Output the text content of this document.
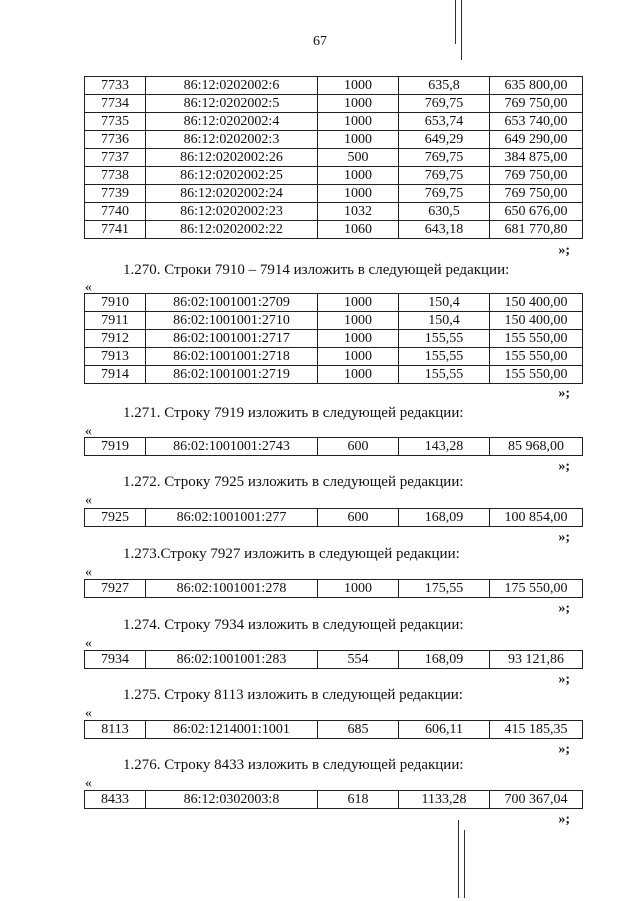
67
7733	86:12:0202002:6	1000	635,8	635 800,00
7734	86:12:0202002:5	1000	769,75	769 750,00
7735	86:12:0202002:4	1000	653,74	653 740,00
7736	86:12:0202002:3	1000	649,29	649 290,00
7737	86:12:0202002:26	500	769,75	384 875,00
7738	86:12:0202002:25	1000	769,75	769 750,00
7739	86:12:0202002:24	1000	769,75	769 750,00
7740	86:12:0202002:23	1032	630,5	650 676,00
7741	86:12:0202002:22	1060	643,18	681 770,80
»;
1.270. Строки 7910 – 7914 изложить в следующей редакции:
«
7910	86:02:1001001:2709	1000	150,4	150 400,00
7911	86:02:1001001:2710	1000	150,4	150 400,00
7912	86:02:1001001:2717	1000	155,55	155 550,00
7913	86:02:1001001:2718	1000	155,55	155 550,00
7914	86:02:1001001:2719	1000	155,55	155 550,00
»;
1.271. Строку 7919 изложить в следующей редакции:
«
7919	86:02:1001001:2743	600	143,28	85 968,00
»;
1.272. Строку 7925 изложить в следующей редакции:
«
7925	86:02:1001001:277	600	168,09	100 854,00
»;
1.273.Строку 7927 изложить в следующей редакции:
«
7927	86:02:1001001:278	1000	175,55	175 550,00
»;
1.274. Строку 7934 изложить в следующей редакции:
«
7934	86:02:1001001:283	554	168,09	93 121,86
»;
1.275. Строку 8113 изложить в следующей редакции:
«
8113	86:02:1214001:1001	685	606,11	415 185,35
»;
1.276. Строку 8433 изложить в следующей редакции:
«
8433	86:12:0302003:8	618	1133,28	700 367,04
»;
